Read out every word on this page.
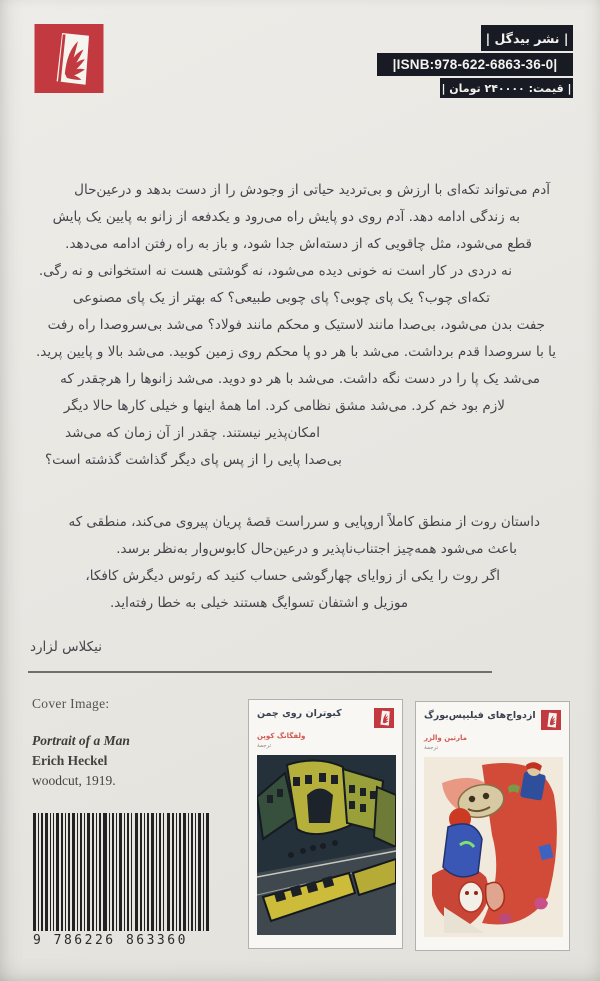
| نشر بیدگل |
|ISNB:978-622-6863-36-0|
| قیمت: ۲۴۰۰۰۰ تومان |
آدم می‌تواند تکه‌ای با ارزش و بی‌تردید حیاتی از وجودش را از دست بدهد و درعین‌حال
به زندگی ادامه دهد. آدم روی دو پایش راه می‌رود و یکدفعه از زانو به پایین یک پایش
قطع می‌شود، مثل چاقویی که از دسته‌اش جدا شود، و باز به راه رفتن ادامه می‌دهد.
نه دردی در کار است نه خونی دیده می‌شود، نه گوشتی هست نه استخوانی و نه رگی.
تکه‌ای چوب؟ یک پای چوبی؟ پای چوبی طبیعی؟ که بهتر از یک پای مصنوعی
جفت بدن می‌شود، بی‌صدا مانند لاستیک و محکم مانند فولاد؟ می‌شد بی‌سروصدا راه رفت
یا با سروصدا قدم برداشت. می‌شد با هر دو پا محکم روی زمین کوبید. می‌شد بالا و پایین پرید.
می‌شد یک پا را در دست نگه داشت. می‌شد با هر دو دوید. می‌شد زانوها را هرچقدر که
لازم بود خم کرد. می‌شد مشق نظامی کرد. اما همهٔ اینها و خیلی کارها حالا دیگر
امکان‌پذیر نیستند. چقدر از آن زمان که می‌شد
بی‌صدا پایی را از پس پای دیگر گذاشت گذشته است؟
داستان روت از منطق کاملاً اروپایی و سرراست قصهٔ پریان پیروی می‌کند، منطقی که
باعث می‌شود همه‌چیز اجتناب‌ناپذیر و درعین‌حال کابوس‌وار به‌نظر برسد.
اگر روت را یکی از زوایای چهارگوشی حساب کنید که رئوس دیگرش کافکا،
موزیل و اشتفان تسوایگ هستند خیلی به خطا رفته‌اید.
نیکلاس لزارد
Cover Image:
Portrait of a Man
Erich Heckel
woodcut, 1919.
9 786226 863360
کبوتران روی چمن
ولفگانگ کوپن
ترجمهٔ
ازدواج‌های فیلیپس‌بورگ
مارتین والزر
ترجمهٔ
